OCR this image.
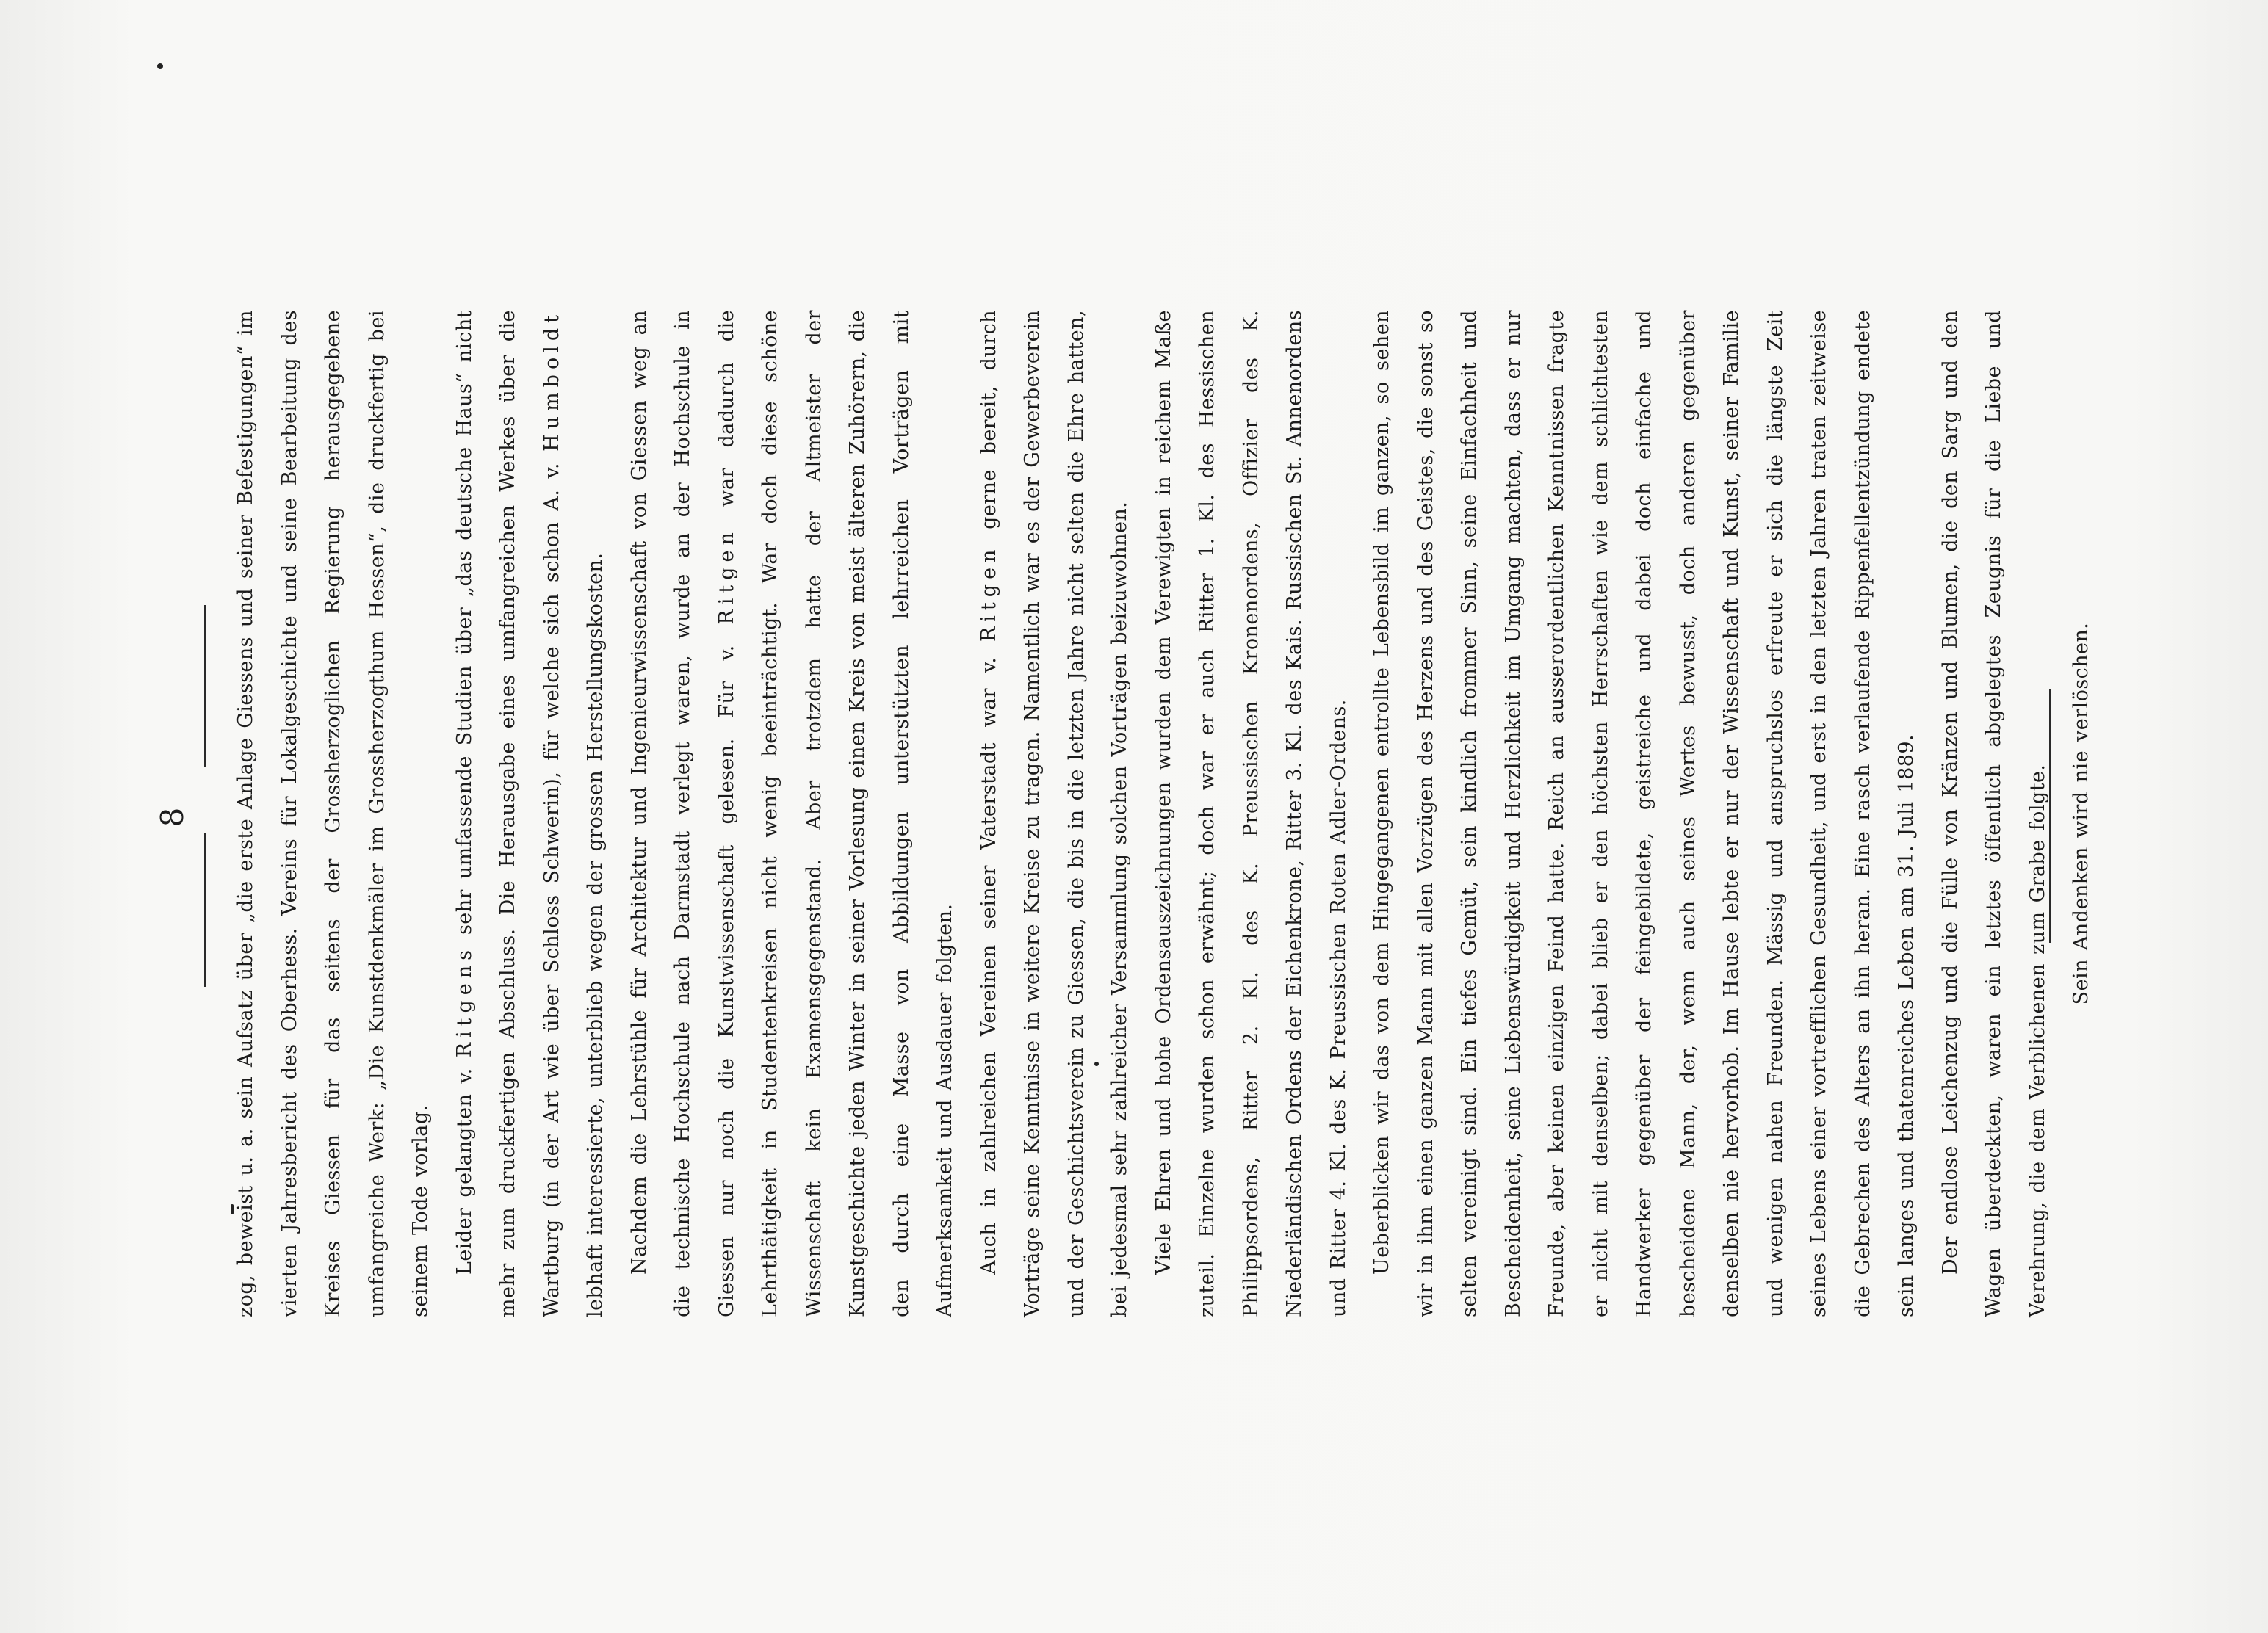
8	zog, beweist u. a. sein Aufsatz über „die erste Anlage Giessens und seiner Befestigungen“ im vierten Jahresbericht des Oberhess. Vereins für Lokalgeschichte und seine Bearbeitung des Kreises Giessen für das seitens der Grossherzoglichen Regierung herausgegebene umfangreiche Werk: „Die Kunstdenkmäler im Grossherzogthum Hessen“, die druckfertig bei seinem Tode vorlag.	Leider gelangten v. Ritgens sehr umfassende Studien über „das deutsche Haus“ nicht mehr zum druckfertigen Abschluss. Die Herausgabe eines umfangreichen Werkes über die Wartburg (in der Art wie über Schloss Schwerin), für welche sich schon A. v. Humboldt lebhaft interessierte, unterblieb wegen der grossen Herstellungskosten.	Nachdem die Lehrstühle für Architektur und Ingenieurwissenschaft von Giessen weg an die technische Hochschule nach Darmstadt verlegt waren, wurde an der Hochschule in Giessen nur noch die Kunstwissenschaft gelesen. Für v. Ritgen war dadurch die Lehrthätigkeit in Studentenkreisen nicht wenig beeinträchtigt. War doch diese schöne Wissenschaft kein Examensgegenstand. Aber trotzdem hatte der Altmeister der Kunstgeschichte jeden Winter in seiner Vorlesung einen Kreis von meist älteren Zuhörern, die den durch eine Masse von Abbildungen unterstützten lehrreichen Vorträgen mit Aufmerksamkeit und Ausdauer folgten.	Auch in zahlreichen Vereinen seiner Vaterstadt war v. Ritgen gerne bereit, durch Vorträge seine Kenntnisse in weitere Kreise zu tragen. Namentlich war es der Gewerbeverein und der Geschichtsverein zu Giessen, die bis in die letzten Jahre nicht selten die Ehre hatten, bei jedesmal sehr zahlreicher Versammlung solchen Vorträgen beizuwohnen.	Viele Ehren und hohe Ordensauszeichnungen wurden dem Verewigten in reichem Maße zuteil. Einzelne wurden schon erwähnt; doch war er auch Ritter 1. Kl. des Hessischen Philippsordens, Ritter 2. Kl. des K. Preussischen Kronenordens, Offizier des K. Niederländischen Ordens der Eichenkrone, Ritter 3. Kl. des Kais. Russischen St. Annenordens und Ritter 4. Kl. des K. Preussischen Roten Adler-Ordens.	Ueberblicken wir das von dem Hingegangenen entrollte Lebensbild im ganzen, so sehen wir in ihm einen ganzen Mann mit allen Vorzügen des Herzens und des Geistes, die sonst so selten vereinigt sind. Ein tiefes Gemüt, sein kindlich frommer Sinn, seine Einfachheit und Bescheidenheit, seine Liebenswürdigkeit und Herzlichkeit im Umgang machten, dass er nur Freunde, aber keinen einzigen Feind hatte. Reich an ausserordentlichen Kenntnissen fragte er nicht mit denselben; dabei blieb er den höchsten Herrschaften wie dem schlichtesten Handwerker gegenüber der feingebildete, geistreiche und dabei doch einfache und bescheidene Mann, der, wenn auch seines Wertes bewusst, doch anderen gegenüber denselben nie hervorhob. Im Hause lebte er nur der Wissenschaft und Kunst, seiner Familie und wenigen nahen Freunden. Mässig und anspruchslos erfreute er sich die längste Zeit seines Lebens einer vortrefflichen Gesundheit, und erst in den letzten Jahren traten zeitweise die Gebrechen des Alters an ihn heran. Eine rasch verlaufende Rippenfellentzündung endete sein langes und thatenreiches Leben am 31. Juli 1889.	Der endlose Leichenzug und die Fülle von Kränzen und Blumen, die den Sarg und den Wagen überdeckten, waren ein letztes öffentlich abgelegtes Zeugnis für die Liebe und Verehrung, die dem Verblichenen zum Grabe folgte.	Sein Andenken wird nie verlöschen.
